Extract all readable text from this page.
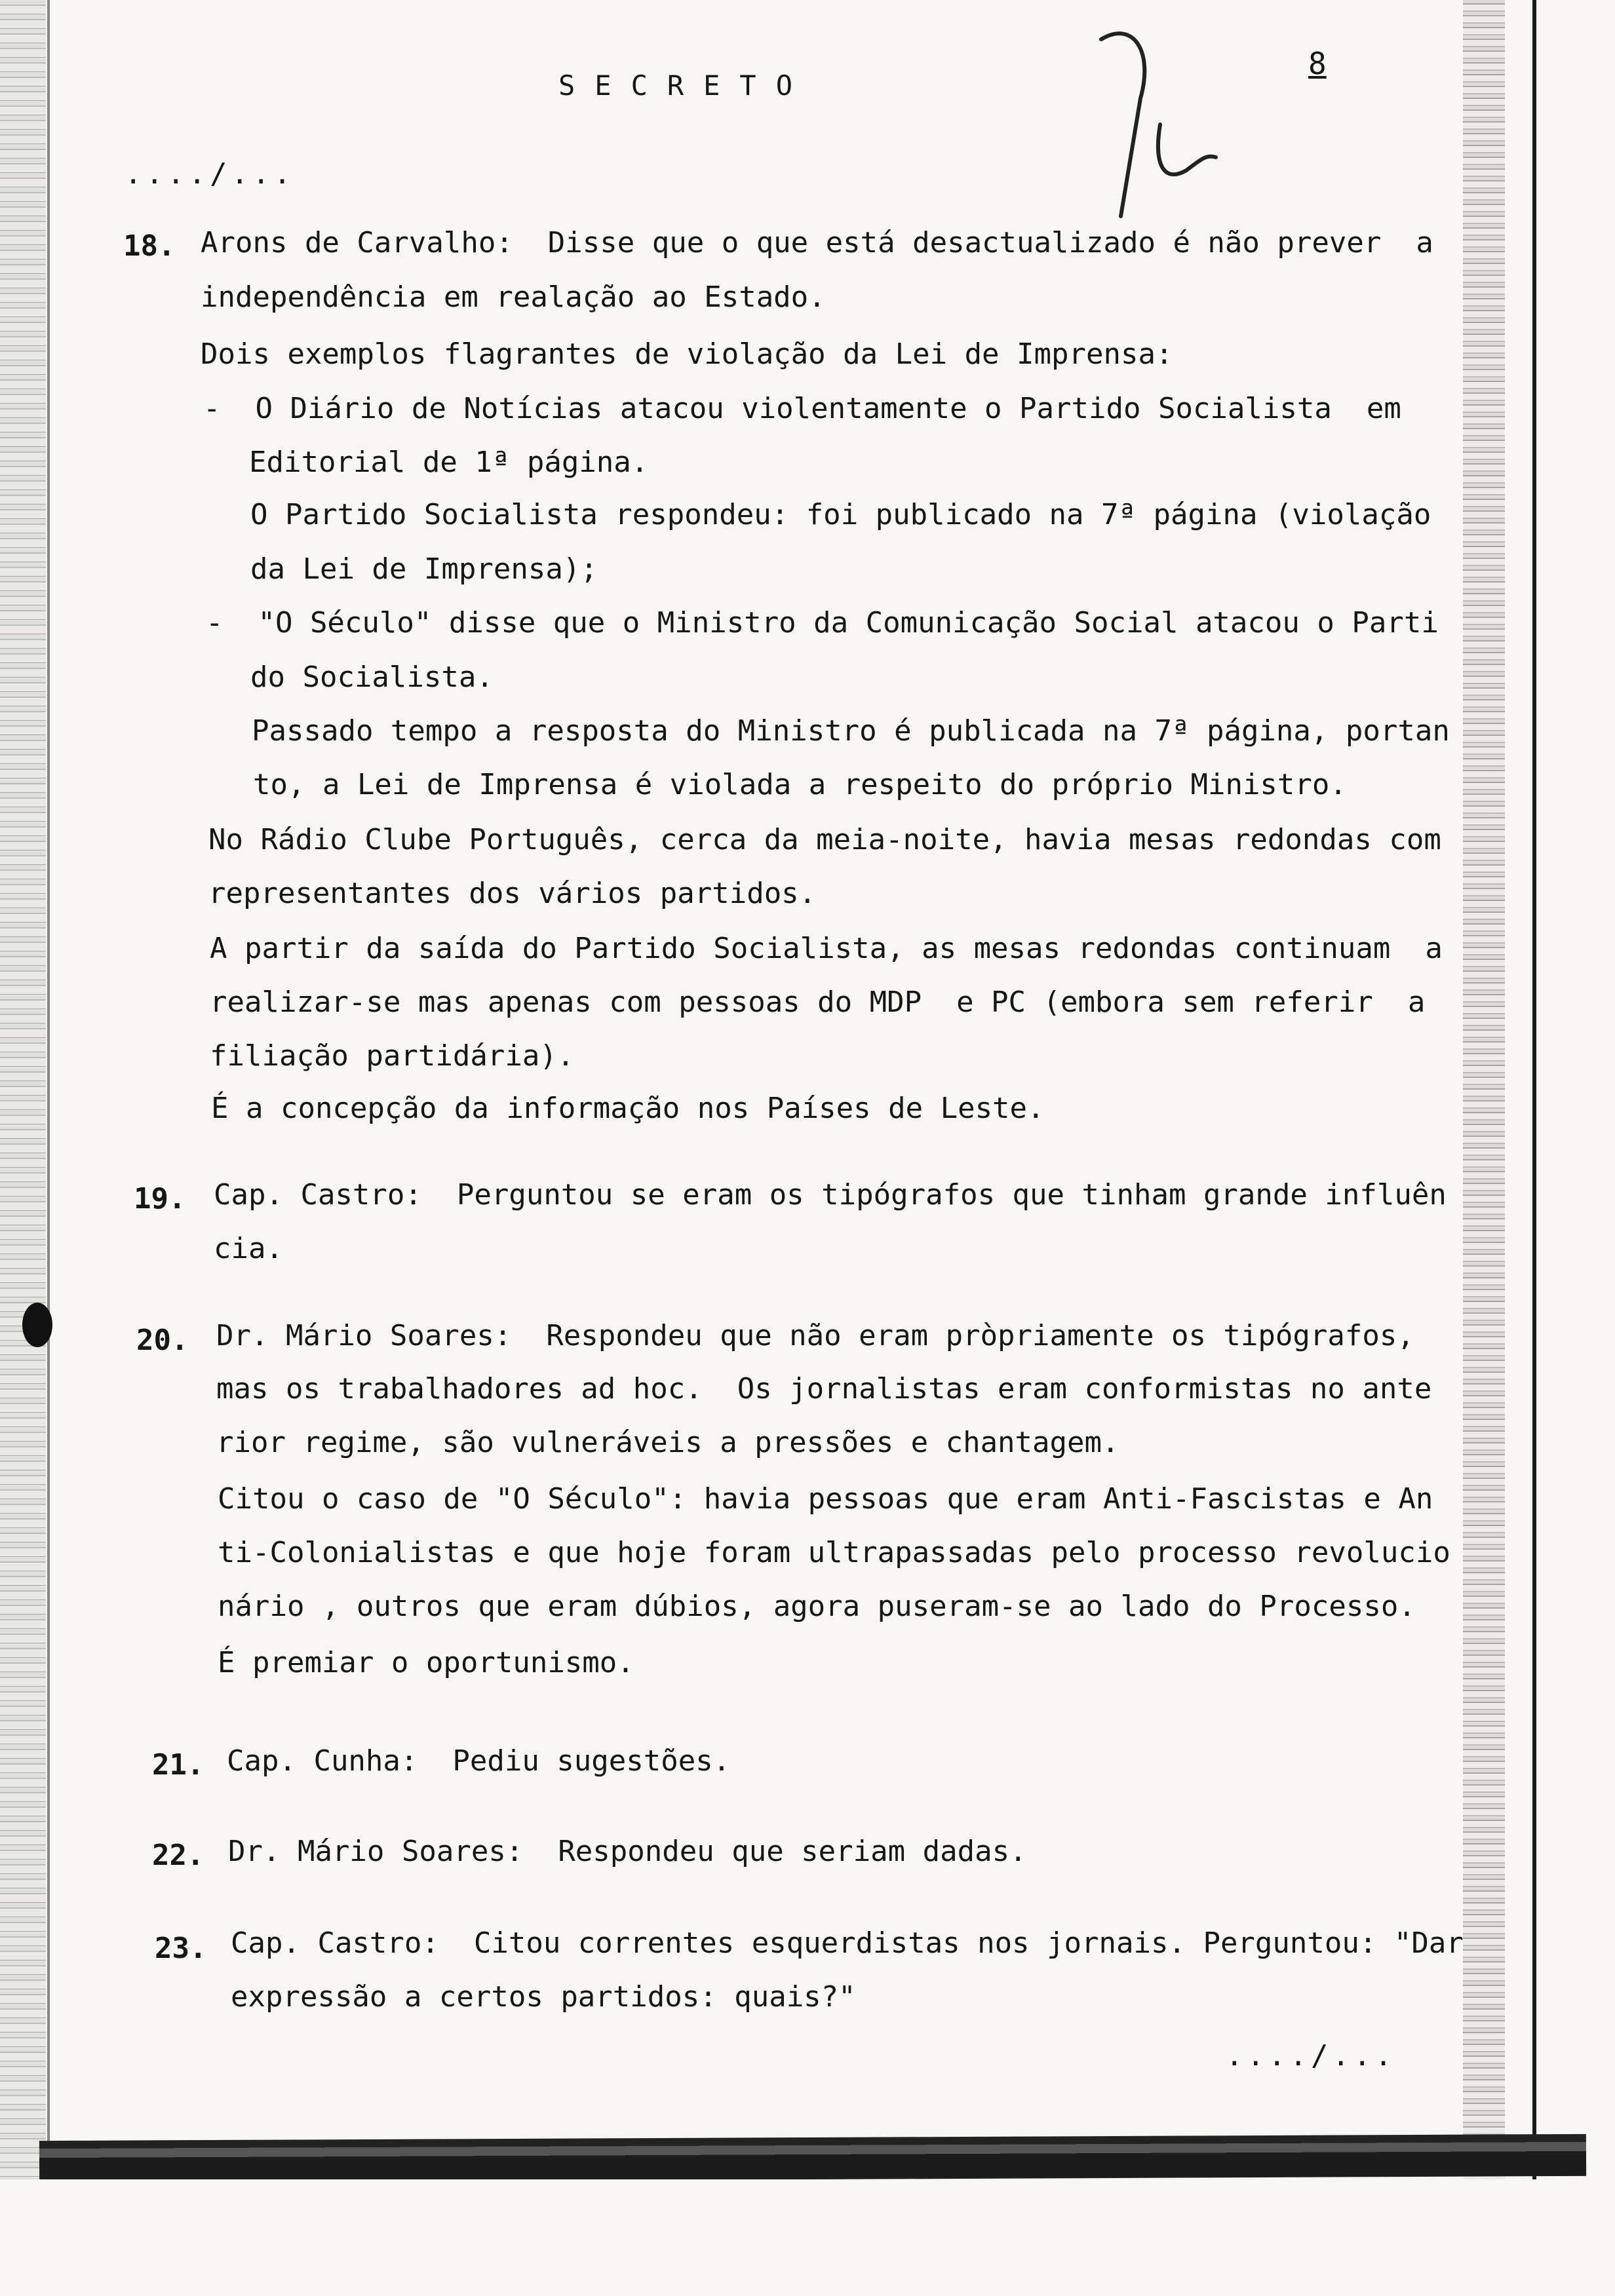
SECRETO
8
..../...
18. Arons de Carvalho:  Disse que o que está desactualizado é não prever  a
independência em realação ao Estado.
Dois exemplos flagrantes de violação da Lei de Imprensa:
-  O Diário de Notícias atacou violentamente o Partido Socialista  em
Editorial de 1ª página.
O Partido Socialista respondeu: foi publicado na 7ª página (violação
da Lei de Imprensa);
-  "O Século" disse que o Ministro da Comunicação Social atacou o Parti
do Socialista.
Passado tempo a resposta do Ministro é publicada na 7ª página, portan
to, a Lei de Imprensa é violada a respeito do próprio Ministro.
No Rádio Clube Português, cerca da meia-noite, havia mesas redondas com
representantes dos vários partidos.
A partir da saída do Partido Socialista, as mesas redondas continuam  a
realizar-se mas apenas com pessoas do MDP  e PC (embora sem referir  a
filiação partidária).
É a concepção da informação nos Países de Leste.
19. Cap. Castro:  Perguntou se eram os tipógrafos que tinham grande influên
cia.
20. Dr. Mário Soares:  Respondeu que não eram pròpriamente os tipógrafos,
mas os trabalhadores ad hoc.  Os jornalistas eram conformistas no ante
rior regime, são vulneráveis a pressões e chantagem.
Citou o caso de "O Século": havia pessoas que eram Anti-Fascistas e An
ti-Colonialistas e que hoje foram ultrapassadas pelo processo revolucio
nário , outros que eram dúbios, agora puseram-se ao lado do Processo.
É premiar o oportunismo.
21. Cap. Cunha:  Pediu sugestões.
22. Dr. Mário Soares:  Respondeu que seriam dadas.
23. Cap. Castro:  Citou correntes esquerdistas nos jornais. Perguntou: "Dar
expressão a certos partidos: quais?"
..../...
